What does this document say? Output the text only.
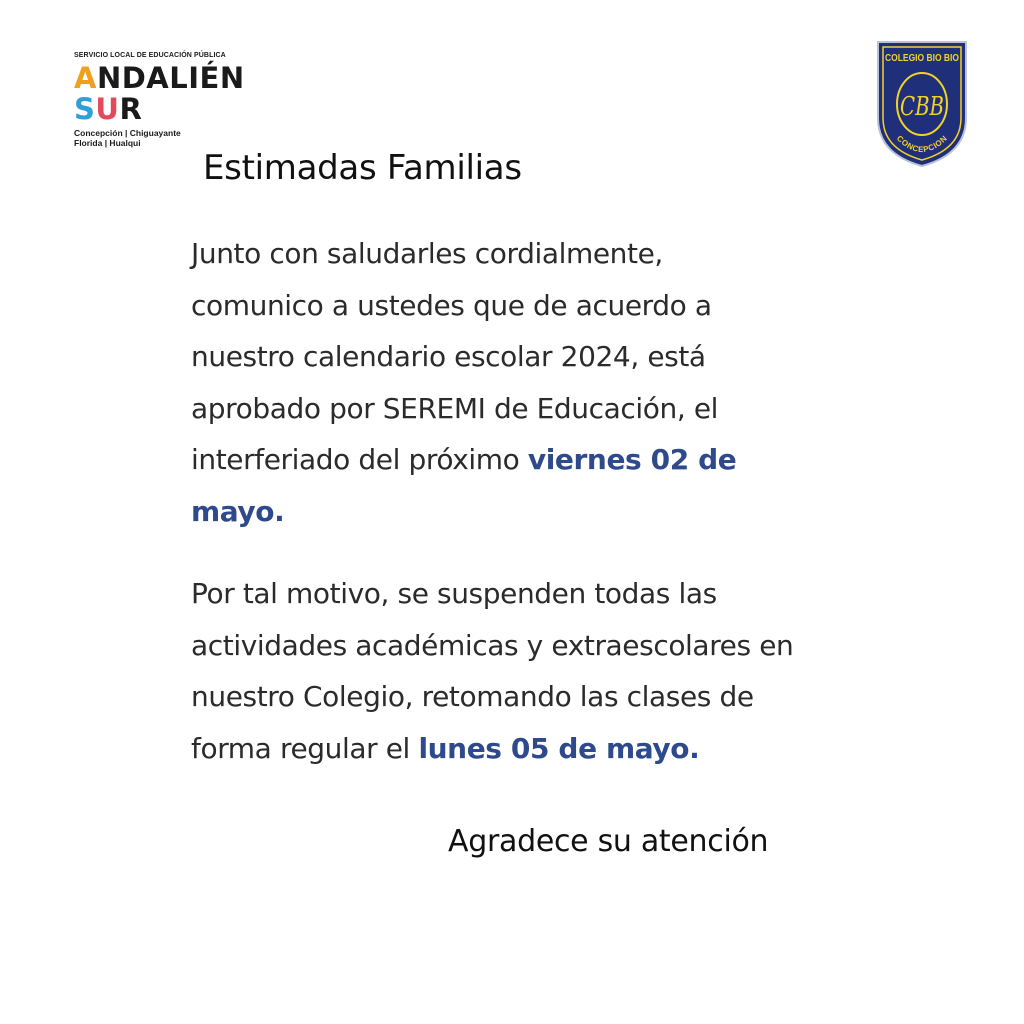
SERVICIO LOCAL DE EDUCACIÓN PÚBLICA
ANDALIÉN
SUR
Concepción | Chiguayante
Florida | Hualqui
COLEGIO BIO BIO
CBB
CONCEPCION
Estimadas Familias
Junto con saludarles cordialmente,
comunico a ustedes que de acuerdo a
nuestro calendario escolar 2024, está
aprobado por SEREMI de Educación, el
interferiado del próximo viernes 02 de
mayo.
Por tal motivo, se suspenden todas las
actividades académicas y extraescolares en
nuestro Colegio, retomando las clases de
forma regular el lunes 05 de mayo.
Agradece su atención
